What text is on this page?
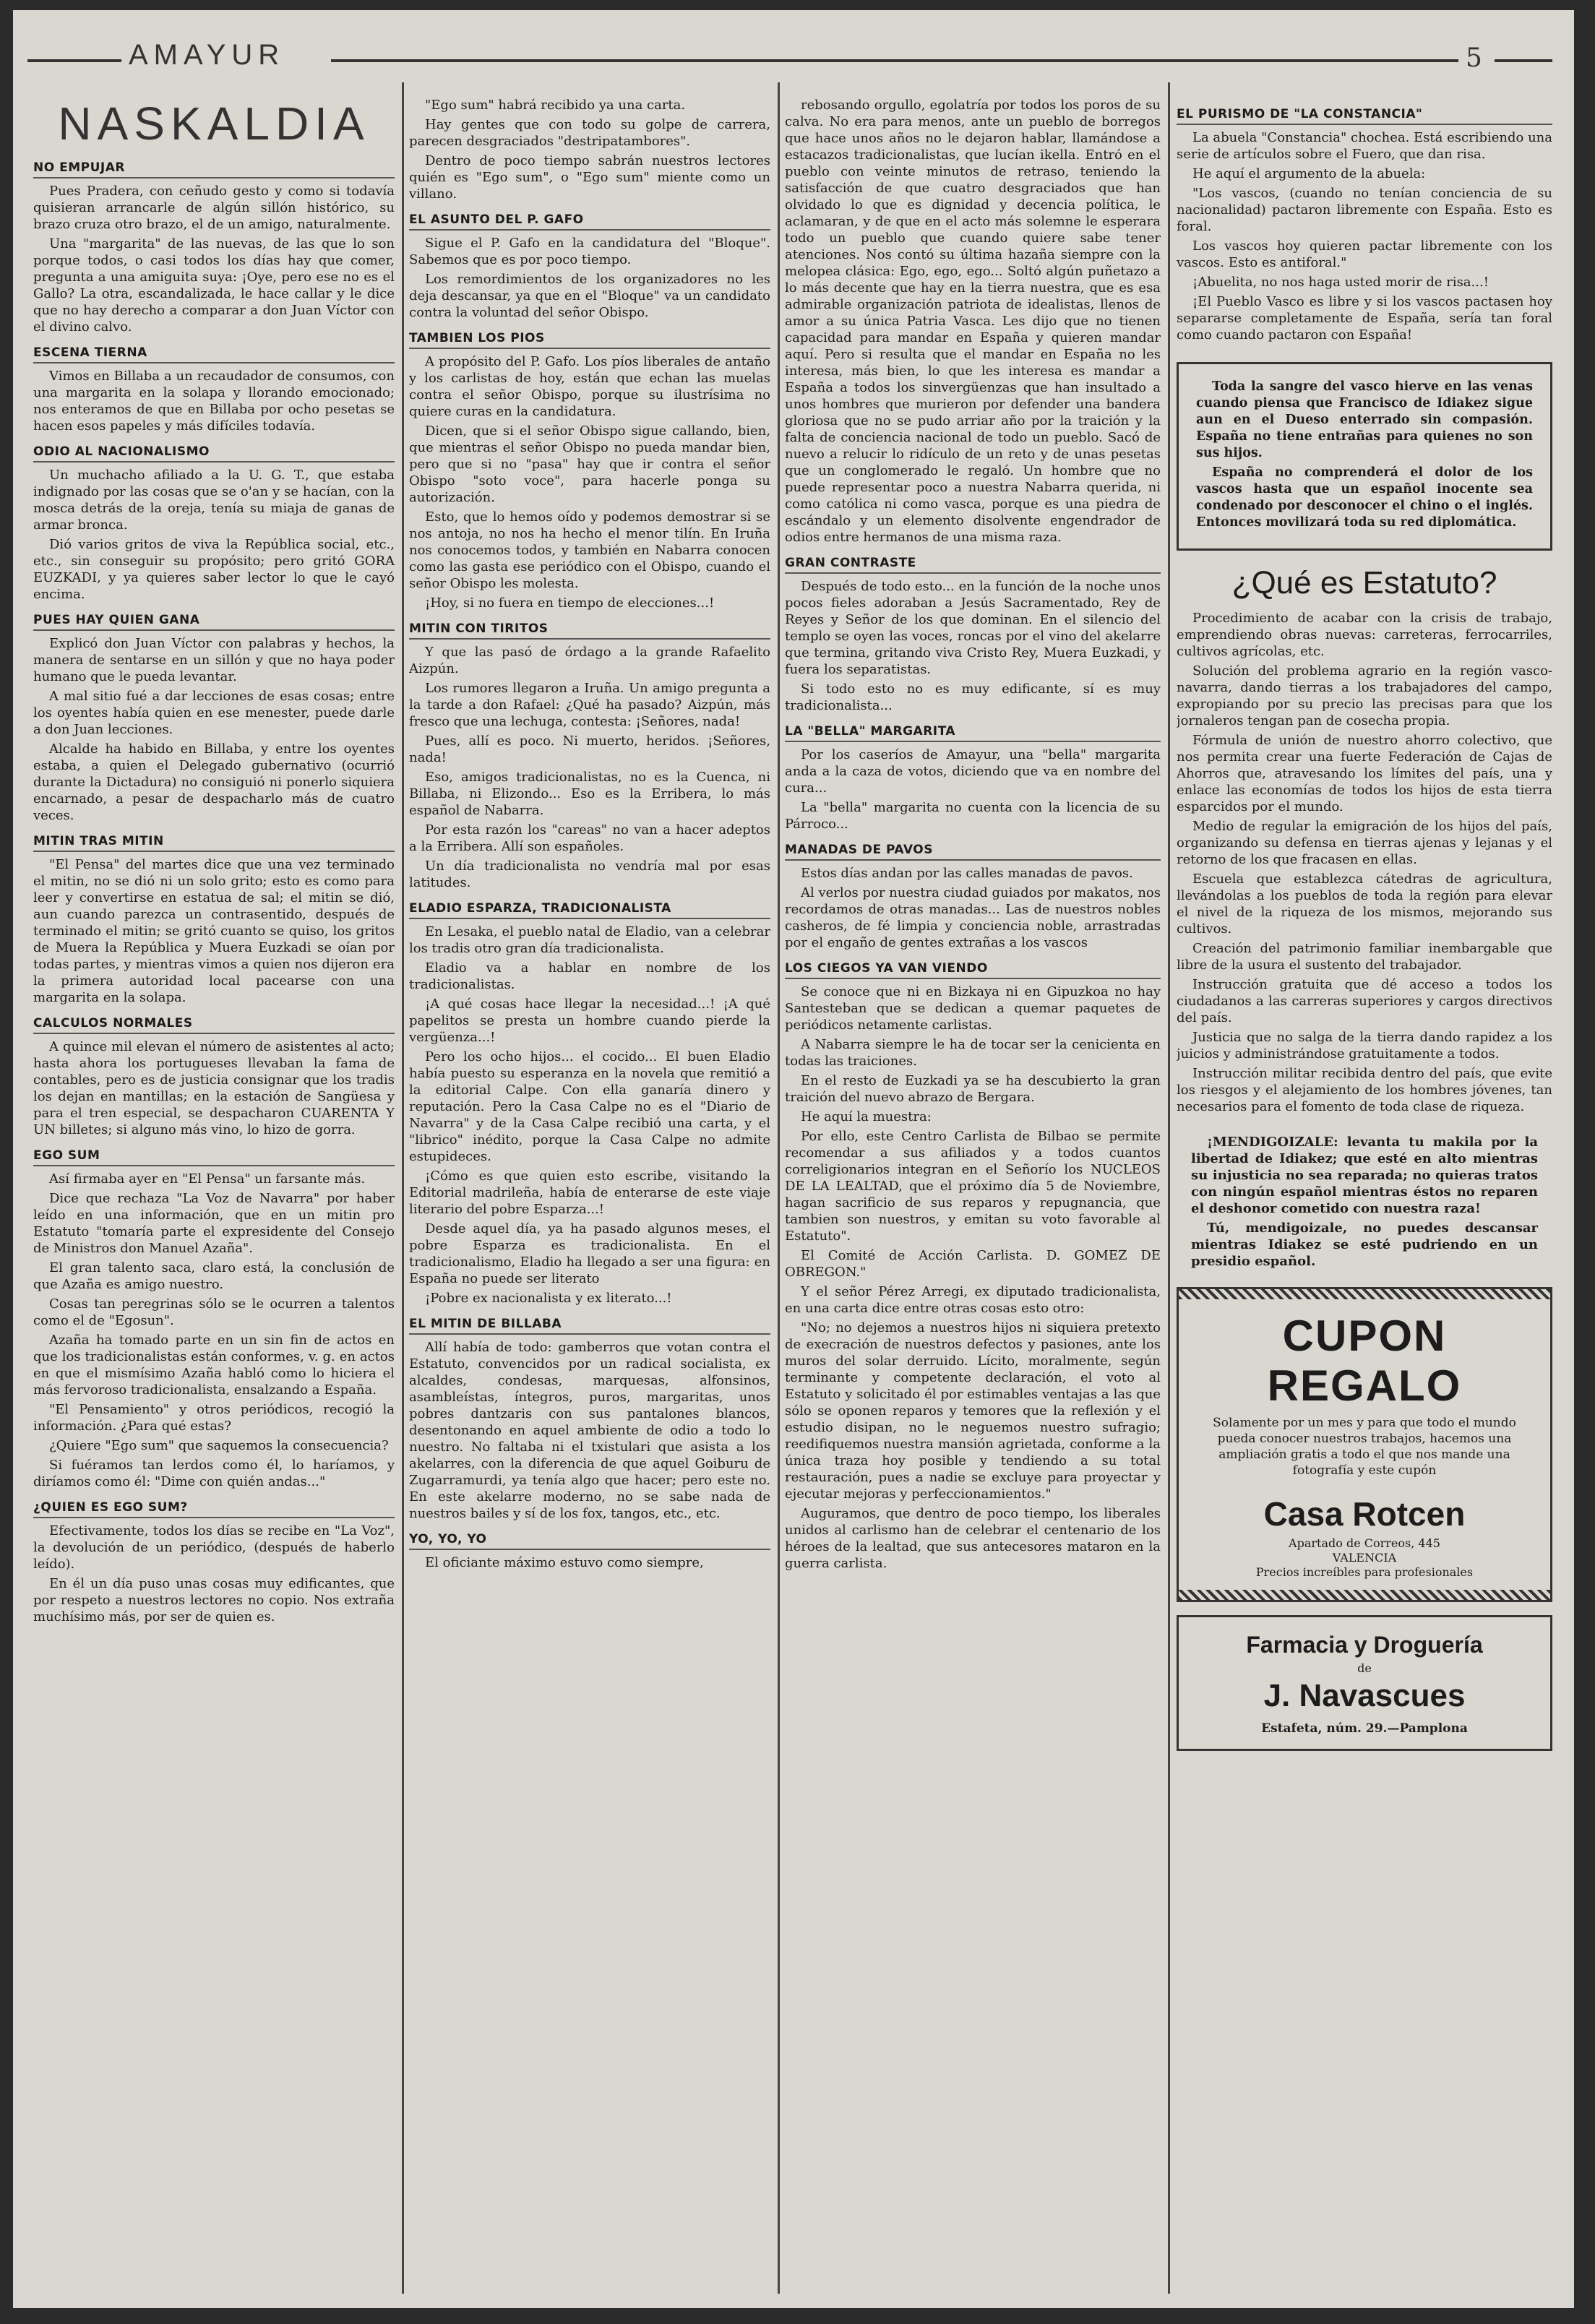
AMAYUR	5
NASKALDIA
NO EMPUJAR
Pues Pradera, con ceñudo gesto y como si todavía quisieran arrancarle de algún sillón histórico, su brazo cruza otro brazo, el de un amigo, naturalmente.
Una "margarita" de las nuevas, de las que lo son porque todos, o casi todos los días hay que comer, pregunta a una amiguita suya: ¡Oye, pero ese no es el Gallo? La otra, escandalizada, le hace callar y le dice que no hay derecho a comparar a don Juan Víctor con el divino calvo.
ESCENA TIERNA
Vimos en Billaba a un recaudador de consumos, con una margarita en la solapa y llorando emocionado; nos enteramos de que en Billaba por ocho pesetas se hacen esos papeles y más difíciles todavía.
ODIO AL NACIONALISMO
Un muchacho afiliado a la U. G. T., que estaba indignado por las cosas que se o'an y se hacían, con la mosca detrás de la oreja, tenía su miaja de ganas de armar bronca.
Dió varios gritos de viva la República social, etc., etc., sin conseguir su propósito; pero gritó GORA EUZKADI, y ya quieres saber lector lo que le cayó encima.
PUES HAY QUIEN GANA
Explicó don Juan Víctor con palabras y hechos, la manera de sentarse en un sillón y que no haya poder humano que le pueda levantar.
A mal sitio fué a dar lecciones de esas cosas; entre los oyentes había quien en ese menester, puede darle a don Juan lecciones.
Alcalde ha habido en Billaba, y entre los oyentes estaba, a quien el Delegado gubernativo (ocurrió durante la Dictadura) no consiguió ni ponerlo siquiera encarnado, a pesar de despacharlo más de cuatro veces.
MITIN TRAS MITIN
"El Pensa" del martes dice que una vez terminado el mitin, no se dió ni un solo grito; esto es como para leer y convertirse en estatua de sal; el mitin se dió, aun cuando parezca un contrasentido, después de terminado el mitin; se gritó cuanto se quiso, los gritos de Muera la República y Muera Euzkadi se oían por todas partes, y mientras vimos a quien nos dijeron era la primera autoridad local pacearse con una margarita en la solapa.
CALCULOS NORMALES
A quince mil elevan el número de asistentes al acto; hasta ahora los portugueses llevaban la fama de contables, pero es de justicia consignar que los tradis los dejan en mantillas; en la estación de Sangüesa y para el tren especial, se despacharon CUARENTA Y UN billetes; si alguno más vino, lo hizo de gorra.
EGO SUM
Así firmaba ayer en "El Pensa" un farsante más.
Dice que rechaza "La Voz de Navarra" por haber leído en una información, que en un mitin pro Estatuto "tomaría parte el expresidente del Consejo de Ministros don Manuel Azaña".
El gran talento saca, claro está, la conclusión de que Azaña es amigo nuestro.
Cosas tan peregrinas sólo se le ocurren a talentos como el de "Egosun".
Azaña ha tomado parte en un sin fin de actos en que los tradicionalistas están conformes, v. g. en actos en que el mismísimo Azaña habló como lo hiciera el más fervoroso tradicionalista, ensalzando a España.
"El Pensamiento" y otros periódicos, recogió la información. ¿Para qué estas?
¿Quiere "Ego sum" que saquemos la consecuencia?
Si fuéramos tan lerdos como él, lo haríamos, y diríamos como él: "Dime con quién andas..."
¿QUIEN ES EGO SUM?
Efectivamente, todos los días se recibe en "La Voz", la devolución de un periódico, (después de haberlo leído).
En él un día puso unas cosas muy edificantes, que por respeto a nuestros lectores no copio. Nos extraña muchísimo más, por ser de quien es.
"Ego sum" habrá recibido ya una carta.
Hay gentes que con todo su golpe de carrera, parecen desgraciados "destripatambores".
Dentro de poco tiempo sabrán nuestros lectores quién es "Ego sum", o "Ego sum" miente como un villano.
EL ASUNTO DEL P. GAFO
Sigue el P. Gafo en la candidatura del "Bloque". Sabemos que es por poco tiempo.
Los remordimientos de los organizadores no les deja descansar, ya que en el "Bloque" va un candidato contra la voluntad del señor Obispo.
TAMBIEN LOS PIOS
A propósito del P. Gafo. Los píos liberales de antaño y los carlistas de hoy, están que echan las muelas contra el señor Obispo, porque su ilustrísima no quiere curas en la candidatura.
Dicen, que si el señor Obispo sigue callando, bien, que mientras el señor Obispo no pueda mandar bien, pero que si no "pasa" hay que ir contra el señor Obispo "soto voce", para hacerle ponga su autorización.
Esto, que lo hemos oído y podemos demostrar si se nos antoja, no nos ha hecho el menor tilín. En Iruña nos conocemos todos, y también en Nabarra conocen como las gasta ese periódico con el Obispo, cuando el señor Obispo les molesta.
¡Hoy, si no fuera en tiempo de elecciones...!
MITIN CON TIRITOS
Y que las pasó de órdago a la grande Rafaelito Aizpún.
Los rumores llegaron a Iruña. Un amigo pregunta a la tarde a don Rafael: ¿Qué ha pasado? Aizpún, más fresco que una lechuga, contesta: ¡Señores, nada!
Pues, allí es poco. Ni muerto, heridos. ¡Señores, nada!
Eso, amigos tradicionalistas, no es la Cuenca, ni Billaba, ni Elizondo... Eso es la Erribera, lo más español de Nabarra.
Por esta razón los "careas" no van a hacer adeptos a la Erribera. Allí son españoles.
Un día tradicionalista no vendría mal por esas latitudes.
ELADIO ESPARZA, TRADICIONALISTA
En Lesaka, el pueblo natal de Eladio, van a celebrar los tradis otro gran día tradicionalista.
Eladio va a hablar en nombre de los tradicionalistas.
¡A qué cosas hace llegar la necesidad...! ¡A qué papelitos se presta un hombre cuando pierde la vergüenza...!
Pero los ocho hijos... el cocido... El buen Eladio había puesto su esperanza en la novela que remitió a la editorial Calpe. Con ella ganaría dinero y reputación. Pero la Casa Calpe no es el "Diario de Navarra" y de la Casa Calpe recibió una carta, y el "librico" inédito, porque la Casa Calpe no admite estupideces.
¡Cómo es que quien esto escribe, visitando la Editorial madrileña, había de enterarse de este viaje literario del pobre Esparza...!
Desde aquel día, ya ha pasado algunos meses, el pobre Esparza es tradicionalista. En el tradicionalismo, Eladio ha llegado a ser una figura: en España no puede ser literato
¡Pobre ex nacionalista y ex literato...!
EL MITIN DE BILLABA
Allí había de todo: gamberros que votan contra el Estatuto, convencidos por un radical socialista, ex alcaldes, condesas, marquesas, alfonsinos, asambleístas, íntegros, puros, margaritas, unos pobres dantzaris con sus pantalones blancos, desentonando en aquel ambiente de odio a todo lo nuestro. No faltaba ni el txistulari que asista a los akelarres, con la diferencia de que aquel Goiburu de Zugarramurdi, ya tenía algo que hacer; pero este no. En este akelarre moderno, no se sabe nada de nuestros bailes y sí de los fox, tangos, etc., etc.
YO, YO, YO
El oficiante máximo estuvo como siempre,
rebosando orgullo, egolatría por todos los poros de su calva. No era para menos, ante un pueblo de borregos que hace unos años no le dejaron hablar, llamándose a estacazos tradicionalistas, que lucían ikella. Entró en el pueblo con veinte minutos de retraso, teniendo la satisfacción de que cuatro desgraciados que han olvidado lo que es dignidad y decencia política, le aclamaran, y de que en el acto más solemne le esperara todo un pueblo que cuando quiere sabe tener atenciones. Nos contó su última hazaña siempre con la melopea clásica: Ego, ego, ego... Soltó algún puñetazo a lo más decente que hay en la tierra nuestra, que es esa admirable organización patriota de idealistas, llenos de amor a su única Patria Vasca. Les dijo que no tienen capacidad para mandar en España y quieren mandar aquí. Pero si resulta que el mandar en España no les interesa, más bien, lo que les interesa es mandar a España a todos los sinvergüenzas que han insultado a unos hombres que murieron por defender una bandera gloriosa que no se pudo arriar año por la traición y la falta de conciencia nacional de todo un pueblo. Sacó de nuevo a relucir lo ridículo de un reto y de unas pesetas que un conglomerado le regaló. Un hombre que no puede representar poco a nuestra Nabarra querida, ni como católica ni como vasca, porque es una piedra de escándalo y un elemento disolvente engendrador de odios entre hermanos de una misma raza.
GRAN CONTRASTE
Después de todo esto... en la función de la noche unos pocos fieles adoraban a Jesús Sacramentado, Rey de Reyes y Señor de los que dominan. En el silencio del templo se oyen las voces, roncas por el vino del akelarre que termina, gritando viva Cristo Rey, Muera Euzkadi, y fuera los separatistas.
Si todo esto no es muy edificante, sí es muy tradicionalista...
LA "BELLA" MARGARITA
Por los caseríos de Amayur, una "bella" margarita anda a la caza de votos, diciendo que va en nombre del cura...
La "bella" margarita no cuenta con la licencia de su Párroco...
MANADAS DE PAVOS
Estos días andan por las calles manadas de pavos.
Al verlos por nuestra ciudad guiados por makatos, nos recordamos de otras manadas... Las de nuestros nobles casheros, de fé limpia y conciencia noble, arrastradas por el engaño de gentes extrañas a los vascos
LOS CIEGOS YA VAN VIENDO
Se conoce que ni en Bizkaya ni en Gipuzkoa no hay Santesteban que se dedican a quemar paquetes de periódicos netamente carlistas.
A Nabarra siempre le ha de tocar ser la cenicienta en todas las traiciones.
En el resto de Euzkadi ya se ha descubierto la gran traición del nuevo abrazo de Bergara.
He aquí la muestra:
Por ello, este Centro Carlista de Bilbao se permite recomendar a sus afiliados y a todos cuantos correligionarios integran en el Señorío los NUCLEOS DE LA LEALTAD, que el próximo día 5 de Noviembre, hagan sacrificio de sus reparos y repugnancia, que tambien son nuestros, y emitan su voto favorable al Estatuto".
El Comité de Acción Carlista. D. GOMEZ DE OBREGON."
Y el señor Pérez Arregi, ex diputado tradicionalista, en una carta dice entre otras cosas esto otro:
"No; no dejemos a nuestros hijos ni siquiera pretexto de execración de nuestros defectos y pasiones, ante los muros del solar derruido. Lícito, moralmente, según terminante y competente declaración, el voto al Estatuto y solicitado él por estimables ventajas a las que sólo se oponen reparos y temores que la reflexión y el estudio disipan, no le neguemos nuestro sufragio; reedifiquemos nuestra mansión agrietada, conforme a la única traza hoy posible y tendiendo a su total restauración, pues a nadie se excluye para proyectar y ejecutar mejoras y perfeccionamientos."
Auguramos, que dentro de poco tiempo, los liberales unidos al carlismo han de celebrar el centenario de los héroes de la lealtad, que sus antecesores mataron en la guerra carlista.
EL PURISMO DE "LA CONSTANCIA"
La abuela "Constancia" chochea. Está escribiendo una serie de artículos sobre el Fuero, que dan risa.
He aquí el argumento de la abuela:
"Los vascos, (cuando no tenían conciencia de su nacionalidad) pactaron libremente con España. Esto es foral.
Los vascos hoy quieren pactar libremente con los vascos. Esto es antiforal."
¡Abuelita, no nos haga usted morir de risa...!
¡El Pueblo Vasco es libre y si los vascos pactasen hoy separarse completamente de España, sería tan foral como cuando pactaron con España!
Toda la sangre del vasco hierve en las venas cuando piensa que Francisco de Idiakez sigue aun en el Dueso enterrado sin compasión. España no tiene entrañas para quienes no son sus hijos.
España no comprenderá el dolor de los vascos hasta que un español inocente sea condenado por desconocer el chino o el inglés. Entonces movilizará toda su red diplomática.
¿Qué es Estatuto?
Procedimiento de acabar con la crisis de trabajo, emprendiendo obras nuevas: carreteras, ferrocarriles, cultivos agrícolas, etc.
Solución del problema agrario en la región vasco-navarra, dando tierras a los trabajadores del campo, expropiando por su precio las precisas para que los jornaleros tengan pan de cosecha propia.
Fórmula de unión de nuestro ahorro colectivo, que nos permita crear una fuerte Federación de Cajas de Ahorros que, atravesando los límites del país, una y enlace las economías de todos los hijos de esta tierra esparcidos por el mundo.
Medio de regular la emigración de los hijos del país, organizando su defensa en tierras ajenas y lejanas y el retorno de los que fracasen en ellas.
Escuela que establezca cátedras de agricultura, llevándolas a los pueblos de toda la región para elevar el nivel de la riqueza de los mismos, mejorando sus cultivos.
Creación del patrimonio familiar inembargable que libre de la usura el sustento del trabajador.
Instrucción gratuita que dé acceso a todos los ciudadanos a las carreras superiores y cargos directivos del país.
Justicia que no salga de la tierra dando rapidez a los juicios y administrándose gratuitamente a todos.
Instrucción militar recibida dentro del país, que evite los riesgos y el alejamiento de los hombres jóvenes, tan necesarios para el fomento de toda clase de riqueza.
¡MENDIGOIZALE: levanta tu makila por la libertad de Idiakez; que esté en alto mientras su injusticia no sea reparada; no quieras tratos con ningún español mientras éstos no reparen el deshonor cometido con nuestra raza!
Tú, mendigoizale, no puedes descansar mientras Idiakez se esté pudriendo en un presidio español.
CUPON REGALO
Solamente por un mes y para que todo el mundo pueda conocer nuestros trabajos, hacemos una ampliación gratis a todo el que nos mande una fotografía y este cupón
Casa Rotcen
Apartado de Correos, 445
VALENCIA
Precios increíbles para profesionales
Farmacia y Droguería
de
J. Navascues
Estafeta, núm. 29.—Pamplona
